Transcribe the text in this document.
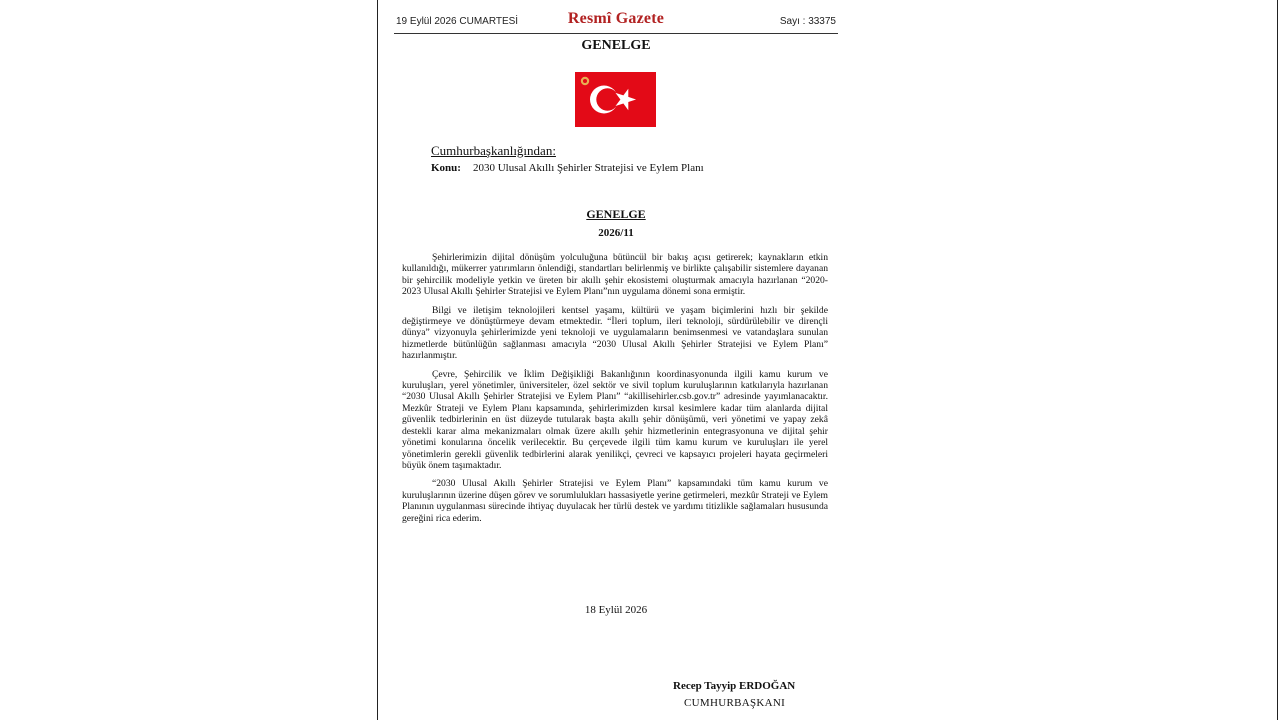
19 Eylül 2026 CUMARTESİ	Resmî Gazete	Sayı : 33375
GENELGE
Cumhurbaşkanlığından:
Konu: 2030 Ulusal Akıllı Şehirler Stratejisi ve Eylem Planı
GENELGE
2026/11

Şehirlerimizin dijital dönüşüm yolculuğuna bütüncül bir bakış açısı getirerek; kaynakların etkin kullanıldığı, mükerrer yatırımların önlendiği, standartları belirlenmiş ve birlikte çalışabilir sistemlere dayanan bir şehircilik modeliyle yetkin ve üreten bir akıllı şehir ekosistemi oluşturmak amacıyla hazırlanan “2020-2023 Ulusal Akıllı Şehirler Stratejisi ve Eylem Planı”nın uygulama dönemi sona ermiştir.

Bilgi ve iletişim teknolojileri kentsel yaşamı, kültürü ve yaşam biçimlerini hızlı bir şekilde değiştirmeye ve dönüştürmeye devam etmektedir. “İleri toplum, ileri teknoloji, sürdürülebilir ve dirençli dünya” vizyonuyla şehirlerimizde yeni teknoloji ve uygulamaların benimsenmesi ve vatandaşlara sunulan hizmetlerde bütünlüğün sağlanması amacıyla “2030 Ulusal Akıllı Şehirler Stratejisi ve Eylem Planı” hazırlanmıştır.

Çevre, Şehircilik ve İklim Değişikliği Bakanlığının koordinasyonunda ilgili kamu kurum ve kuruluşları, yerel yönetimler, üniversiteler, özel sektör ve sivil toplum kuruluşlarının katkılarıyla hazırlanan “2030 Ulusal Akıllı Şehirler Stratejisi ve Eylem Planı” “akillisehirler.csb.gov.tr” adresinde yayımlanacaktır. Mezkûr Strateji ve Eylem Planı kapsamında, şehirlerimizden kırsal kesimlere kadar tüm alanlarda dijital güvenlik tedbirlerinin en üst düzeyde tutularak başta akıllı şehir dönüşümü, veri yönetimi ve yapay zekâ destekli karar alma mekanizmaları olmak üzere akıllı şehir hizmetlerinin entegrasyonuna ve dijital şehir yönetimi konularına öncelik verilecektir. Bu çerçevede ilgili tüm kamu kurum ve kuruluşları ile yerel yönetimlerin gerekli güvenlik tedbirlerini alarak yenilikçi, çevreci ve kapsayıcı projeleri hayata geçirmeleri büyük önem taşımaktadır.

“2030 Ulusal Akıllı Şehirler Stratejisi ve Eylem Planı” kapsamındaki tüm kamu kurum ve kuruluşlarının üzerine düşen görev ve sorumlulukları hassasiyetle yerine getirmeleri, mezkûr Strateji ve Eylem Planının uygulanması sürecinde ihtiyaç duyulacak her türlü destek ve yardımı titizlikle sağlamaları hususunda gereğini rica ederim.

18 Eylül 2026
Recep Tayyip ERDOĞAN
CUMHURBAŞKANI
